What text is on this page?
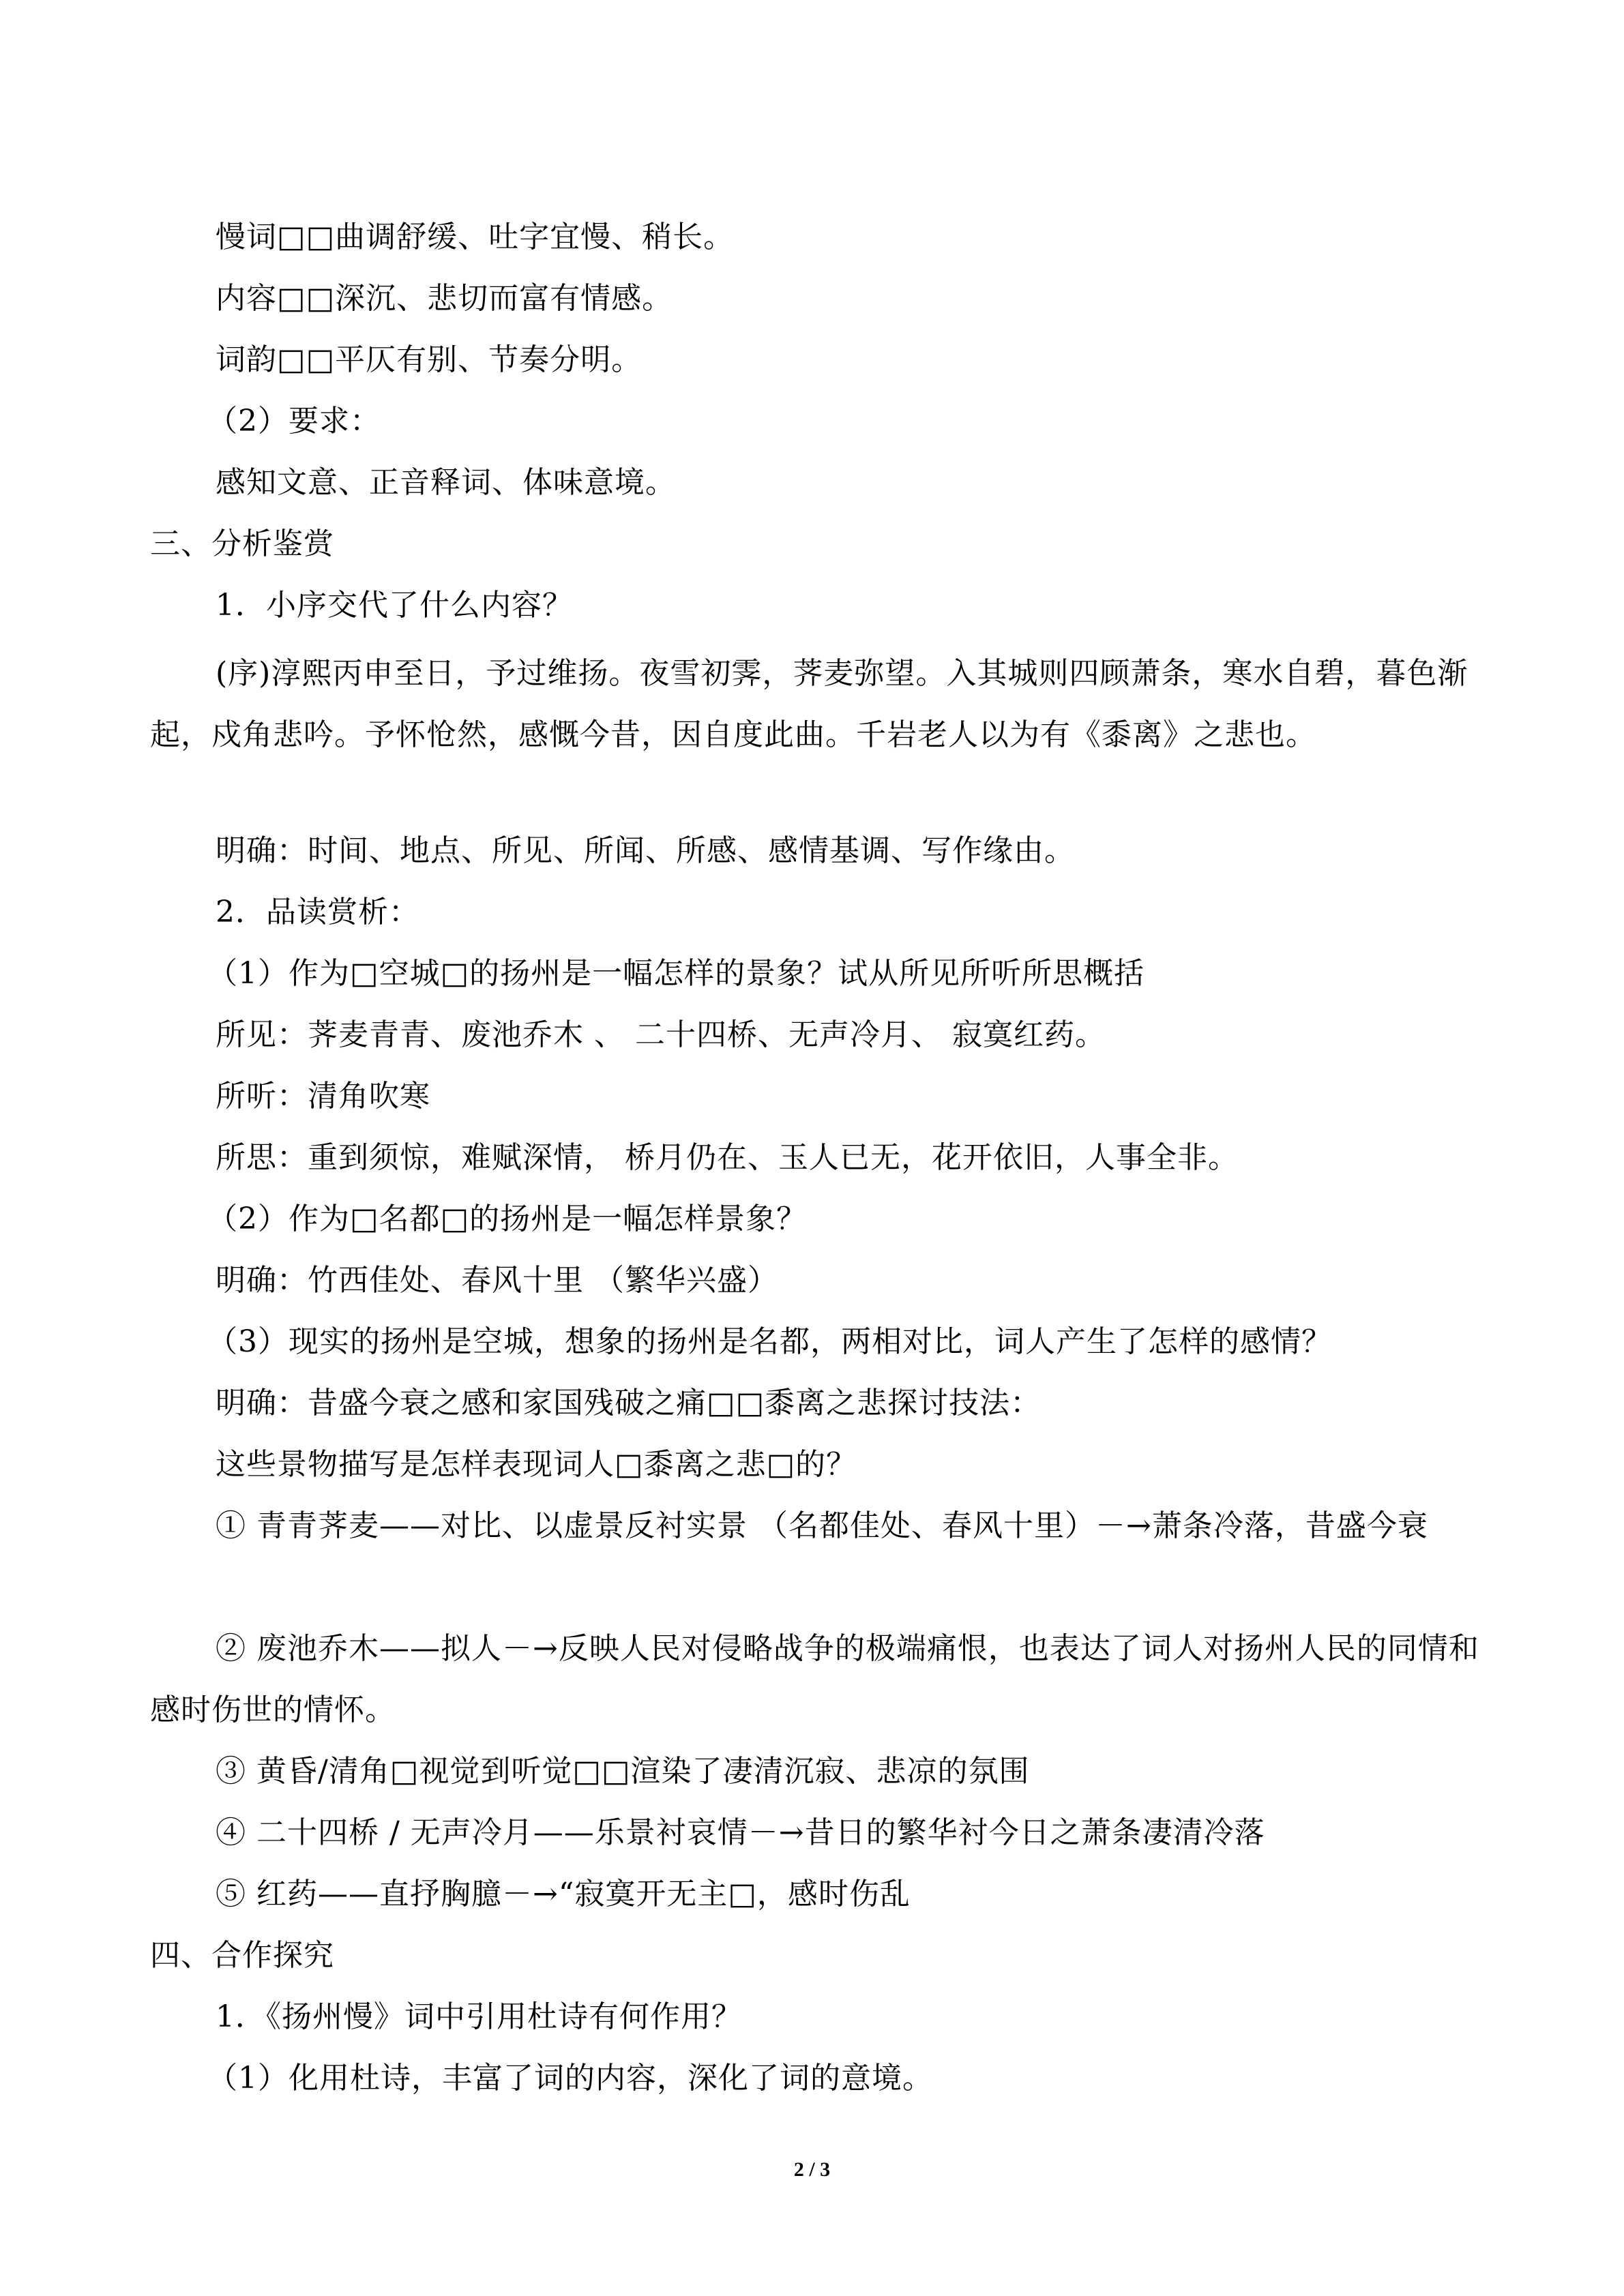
慢词□□曲调舒缓、吐字宜慢、稍长。
内容□□深沉、悲切而富有情感。
词韵□□平仄有别、节奏分明。
（2）要求：
感知文意、正音释词、体味意境。
三、分析鉴赏
1．小序交代了什么内容？
(序)淳熙丙申至日，予过维扬。夜雪初霁，荠麦弥望。入其城则四顾萧条，寒水自碧，暮色渐起，戍角悲吟。予怀怆然，感慨今昔，因自度此曲。千岩老人以为有《黍离》之悲也。
明确：时间、地点、所见、所闻、所感、感情基调、写作缘由。
2．品读赏析：
（1）作为□空城□的扬州是一幅怎样的景象？试从所见所听所思概括
所见：荠麦青青、废池乔木 、 二十四桥、无声冷月、 寂寞红药。
所听：清角吹寒
所思：重到须惊，难赋深情， 桥月仍在、玉人已无，花开依旧，人事全非。
（2）作为□名都□的扬州是一幅怎样景象？
明确：竹西佳处、春风十里 （繁华兴盛）
（3）现实的扬州是空城，想象的扬州是名都，两相对比，词人产生了怎样的感情？
明确：昔盛今衰之感和家国残破之痛□□黍离之悲探讨技法：
这些景物描写是怎样表现词人□黍离之悲□的？
① 青青荠麦——对比、以虚景反衬实景 （名都佳处、春风十里）－→萧条冷落，昔盛今衰
② 废池乔木——拟人－→反映人民对侵略战争的极端痛恨，也表达了词人对扬州人民的同情和感时伤世的情怀。
③ 黄昏/清角□视觉到听觉□□渲染了凄清沉寂、悲凉的氛围
④ 二十四桥 / 无声冷月——乐景衬哀情－→昔日的繁华衬今日之萧条凄清冷落
⑤ 红药——直抒胸臆－→“寂寞开无主□，感时伤乱
四、合作探究
1．《扬州慢》词中引用杜诗有何作用？
（1）化用杜诗，丰富了词的内容，深化了词的意境。
2 / 3
